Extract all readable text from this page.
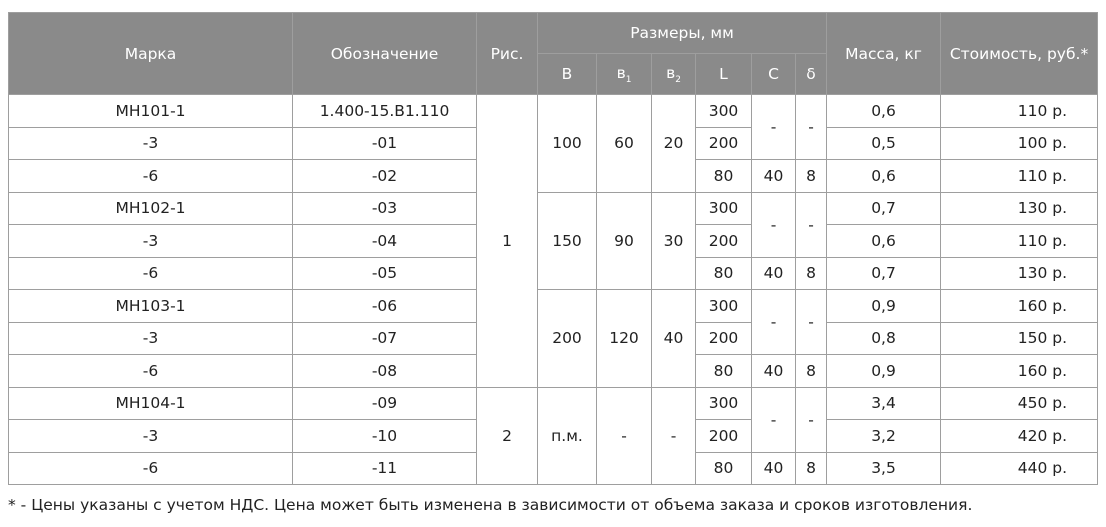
Марка	Обозначение	Рис.	Размеры, мм						Масса, кг	Стоимость, руб.*
			B	$в_1$	$в_2$	L	C	δ		
МН101-1	1.400-15.В1.110	1	100	60	20	300	-	-	0,6	110 р.
-3	-01					200			0,5	100 р.
-6	-02					80	40	8	0,6	110 р.
МН102-1	-03		150	90	30	300	-	-	0,7	130 р.
-3	-04					200			0,6	110 р.
-6	-05					80	40	8	0,7	130 р.
МН103-1	-06		200	120	40	300	-	-	0,9	160 р.
-3	-07					200			0,8	150 р.
-6	-08					80	40	8	0,9	160 р.
МН104-1	-09	2	п.м.	-	-	300	-	-	3,4	450 р.
-3	-10					200			3,2	420 р.
-6	-11					80	40	8	3,5	440 р.
* - Цены указаны с учетом НДС. Цена может быть изменена в зависимости от объема заказа и сроков изготовления.
